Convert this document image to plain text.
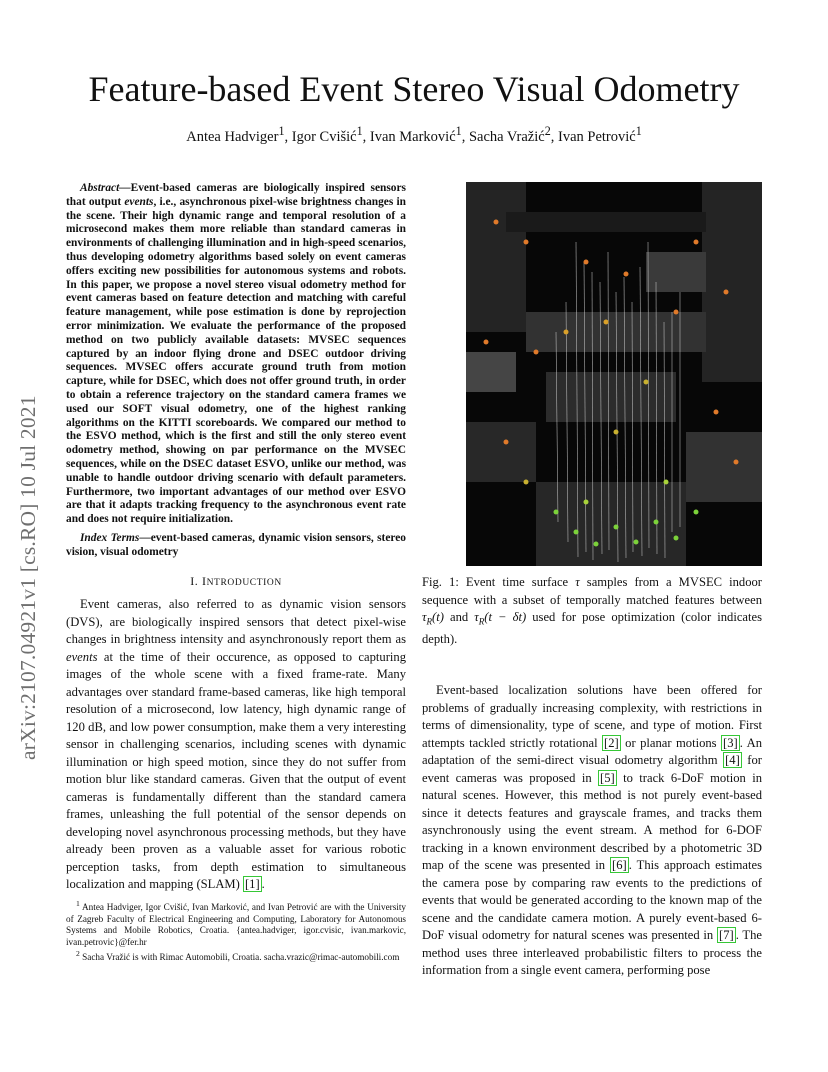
arXiv:2107.04921v1 [cs.RO] 10 Jul 2021
Feature-based Event Stereo Visual Odometry
Antea Hadviger$^1$, Igor Cvišić$^1$, Ivan Marković$^1$, Sacha Vražić$^2$, Ivan Petrović$^1$
Abstract—Event-based cameras are biologically inspired sensors that output events, i.e., asynchronous pixel-wise brightness changes in the scene. Their high dynamic range and temporal resolution of a microsecond makes them more reliable than standard cameras in environments of challenging illumination and in high-speed scenarios, thus developing odometry algorithms based solely on event cameras offers exciting new possibilities for autonomous systems and robots. In this paper, we propose a novel stereo visual odometry method for event cameras based on feature detection and matching with careful feature management, while pose estimation is done by reprojection error minimization. We evaluate the performance of the proposed method on two publicly available datasets: MVSEC sequences captured by an indoor flying drone and DSEC outdoor driving sequences. MVSEC offers accurate ground truth from motion capture, while for DSEC, which does not offer ground truth, in order to obtain a reference trajectory on the standard camera frames we used our SOFT visual odometry, one of the highest ranking algorithms on the KITTI scoreboards. We compared our method to the ESVO method, which is the first and still the only stereo event odometry method, showing on par performance on the MVSEC sequences, while on the DSEC dataset ESVO, unlike our method, was unable to handle outdoor driving scenario with default parameters. Furthermore, two important advantages of our method over ESVO are that it adapts tracking frequency to the asynchronous event rate and does not require initialization.
Index Terms—event-based cameras, dynamic vision sensors, stereo vision, visual odometry
I. INTRODUCTION
Event cameras, also referred to as dynamic vision sensors (DVS), are biologically inspired sensors that detect pixel-wise changes in brightness intensity and asynchronously report them as events at the time of their occurence, as opposed to capturing images of the whole scene with a fixed frame-rate. Many advantages over standard frame-based cameras, like high temporal resolution of a microsecond, low latency, high dynamic range of 120 dB, and low power consumption, make them a very interesting sensor in challenging scenarios, including scenes with dynamic illumination or high speed motion, since they do not suffer from motion blur like standard cameras. Given that the output of event cameras is fundamentally different than the standard camera frames, unleashing the full potential of the sensor depends on developing novel asynchronous processing methods, but they have already been proven as a valuable asset for various robotic perception tasks, from depth estimation to simultaneous localization and mapping (SLAM) [1] .
$^1$ Antea Hadviger, Igor Cvišić, Ivan Marković, and Ivan Petrović are with the University of Zagreb Faculty of Electrical Engineering and Computing, Laboratory for Autonomous Systems and Mobile Robotics, Croatia. {antea.hadviger, igor.cvisic, ivan.markovic, ivan.petrovic}@fer.hr
$^2$ Sacha Vražić is with Rimac Automobili, Croatia. sacha.vrazic@rimac-automobili.com
Fig. 1: Event time surface τ samples from a MVSEC indoor sequence with a subset of temporally matched features between $\tau_R(t)$ and $\tau_R(t - \delta t)$ used for pose optimization (color indicates depth).
Event-based localization solutions have been offered for problems of gradually increasing complexity, with restrictions in terms of dimensionality, type of scene, and type of motion. First attempts tackled strictly rotational [2] or planar motions [3] . An adaptation of the semi-direct visual odometry algorithm [4] for event cameras was proposed in [5] to track 6-DoF motion in natural scenes. However, this method is not purely event-based since it detects features and grayscale frames, and tracks them asynchronously using the event stream. A method for 6-DOF tracking in a known environment described by a photometric 3D map of the scene was presented in [6] . This approach estimates the camera pose by comparing raw events to the predictions of events that would be generated according to the known map of the scene and the candidate camera motion. A purely event-based 6-DoF visual odometry for natural scenes was presented in [7] . The method uses three interleaved probabilistic filters to process the information from a single event camera, performing pose
